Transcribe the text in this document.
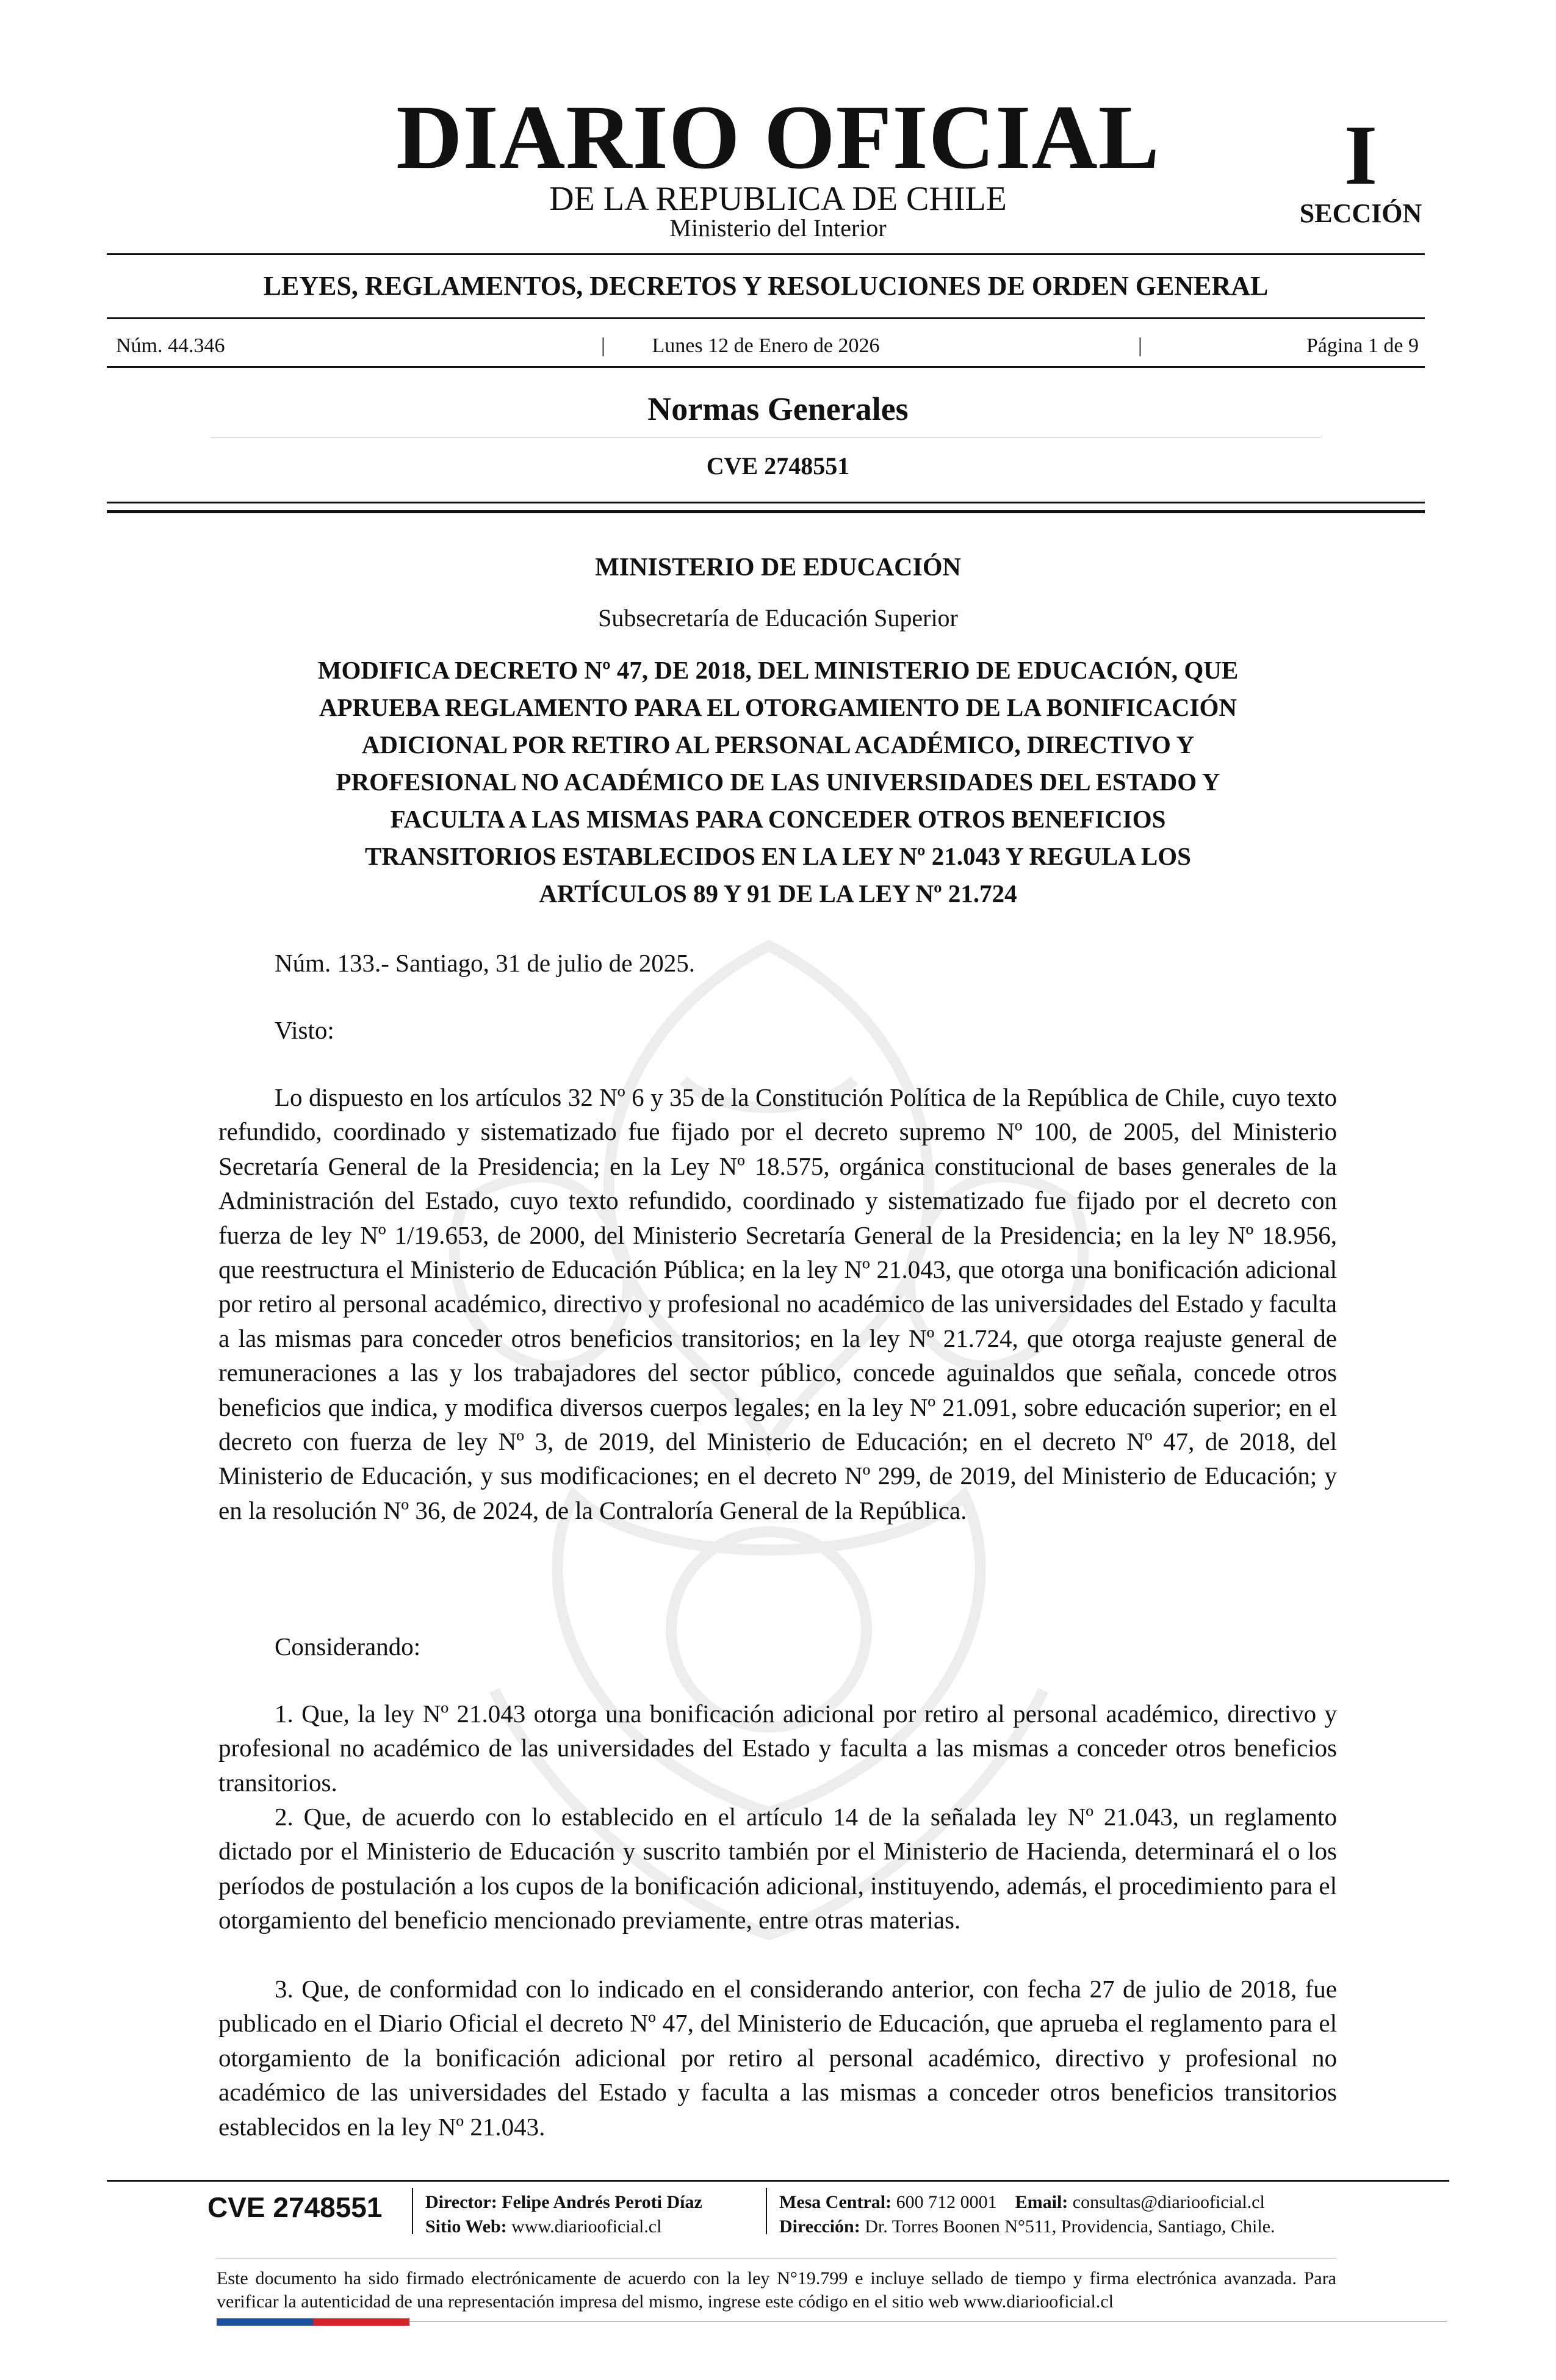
DIARIO OFICIAL
DE LA REPUBLICA DE CHILE
Ministerio del Interior
I
SECCIÓN
LEYES, REGLAMENTOS, DECRETOS Y RESOLUCIONES DE ORDEN GENERAL
Núm. 44.346	|	Lunes 12 de Enero de 2026	|	Página 1 de 9
Normas Generales
CVE 2748551
MINISTERIO DE EDUCACIÓN
Subsecretaría de Educación Superior
MODIFICA DECRETO Nº 47, DE 2018, DEL MINISTERIO DE EDUCACIÓN, QUE
APRUEBA REGLAMENTO PARA EL OTORGAMIENTO DE LA BONIFICACIÓN
ADICIONAL POR RETIRO AL PERSONAL ACADÉMICO, DIRECTIVO Y
PROFESIONAL NO ACADÉMICO DE LAS UNIVERSIDADES DEL ESTADO Y
FACULTA A LAS MISMAS PARA CONCEDER OTROS BENEFICIOS
TRANSITORIOS ESTABLECIDOS EN LA LEY Nº 21.043 Y REGULA LOS
ARTÍCULOS 89 Y 91 DE LA LEY Nº 21.724
Núm. 133.- Santiago, 31 de julio de 2025.
Visto:

Lo dispuesto en los artículos 32 Nº 6 y 35 de la Constitución Política de la República de Chile, cuyo texto refundido, coordinado y sistematizado fue fijado por el decreto supremo Nº 100, de 2005, del Ministerio Secretaría General de la Presidencia; en la Ley Nº 18.575, orgánica constitucional de bases generales de la Administración del Estado, cuyo texto refundido, coordinado y sistematizado fue fijado por el decreto con fuerza de ley Nº 1/19.653, de 2000, del Ministerio Secretaría General de la Presidencia; en la ley Nº 18.956, que reestructura el Ministerio de Educación Pública; en la ley Nº 21.043, que otorga una bonificación adicional por retiro al personal académico, directivo y profesional no académico de las universidades del Estado y faculta a las mismas para conceder otros beneficios transitorios; en la ley Nº 21.724, que otorga reajuste general de remuneraciones a las y los trabajadores del sector público, concede aguinaldos que señala, concede otros beneficios que indica, y modifica diversos cuerpos legales; en la ley Nº 21.091, sobre educación superior; en el decreto con fuerza de ley Nº 3, de 2019, del Ministerio de Educación; en el decreto Nº 47, de 2018, del Ministerio de Educación, y sus modificaciones; en el decreto Nº 299, de 2019, del Ministerio de Educación; y en la resolución Nº 36, de 2024, de la Contraloría General de la República.

Considerando:

1. Que, la ley Nº 21.043 otorga una bonificación adicional por retiro al personal académico, directivo y profesional no académico de las universidades del Estado y faculta a las mismas a conceder otros beneficios transitorios.

2. Que, de acuerdo con lo establecido en el artículo 14 de la señalada ley Nº 21.043, un reglamento dictado por el Ministerio de Educación y suscrito también por el Ministerio de Hacienda, determinará el o los períodos de postulación a los cupos de la bonificación adicional, instituyendo, además, el procedimiento para el otorgamiento del beneficio mencionado previamente, entre otras materias.

3. Que, de conformidad con lo indicado en el considerando anterior, con fecha 27 de julio de 2018, fue publicado en el Diario Oficial el decreto Nº 47, del Ministerio de Educación, que aprueba el reglamento para el otorgamiento de la bonificación adicional por retiro al personal académico, directivo y profesional no académico de las universidades del Estado y faculta a las mismas a conceder otros beneficios transitorios establecidos en la ley Nº 21.043.

CVE 2748551	Director: Felipe Andrés Peroti Díaz
Sitio Web: www.diariooficial.cl
Mesa Central: 600 712 0001 Email: consultas@diariooficial.cl
Dirección: Dr. Torres Boonen N°511, Providencia, Santiago, Chile.
Este documento ha sido firmado electrónicamente de acuerdo con la ley N°19.799 e incluye sellado de tiempo y firma electrónica avanzada. Para verificar la autenticidad de una representación impresa del mismo, ingrese este código en el sitio web www.diariooficial.cl
